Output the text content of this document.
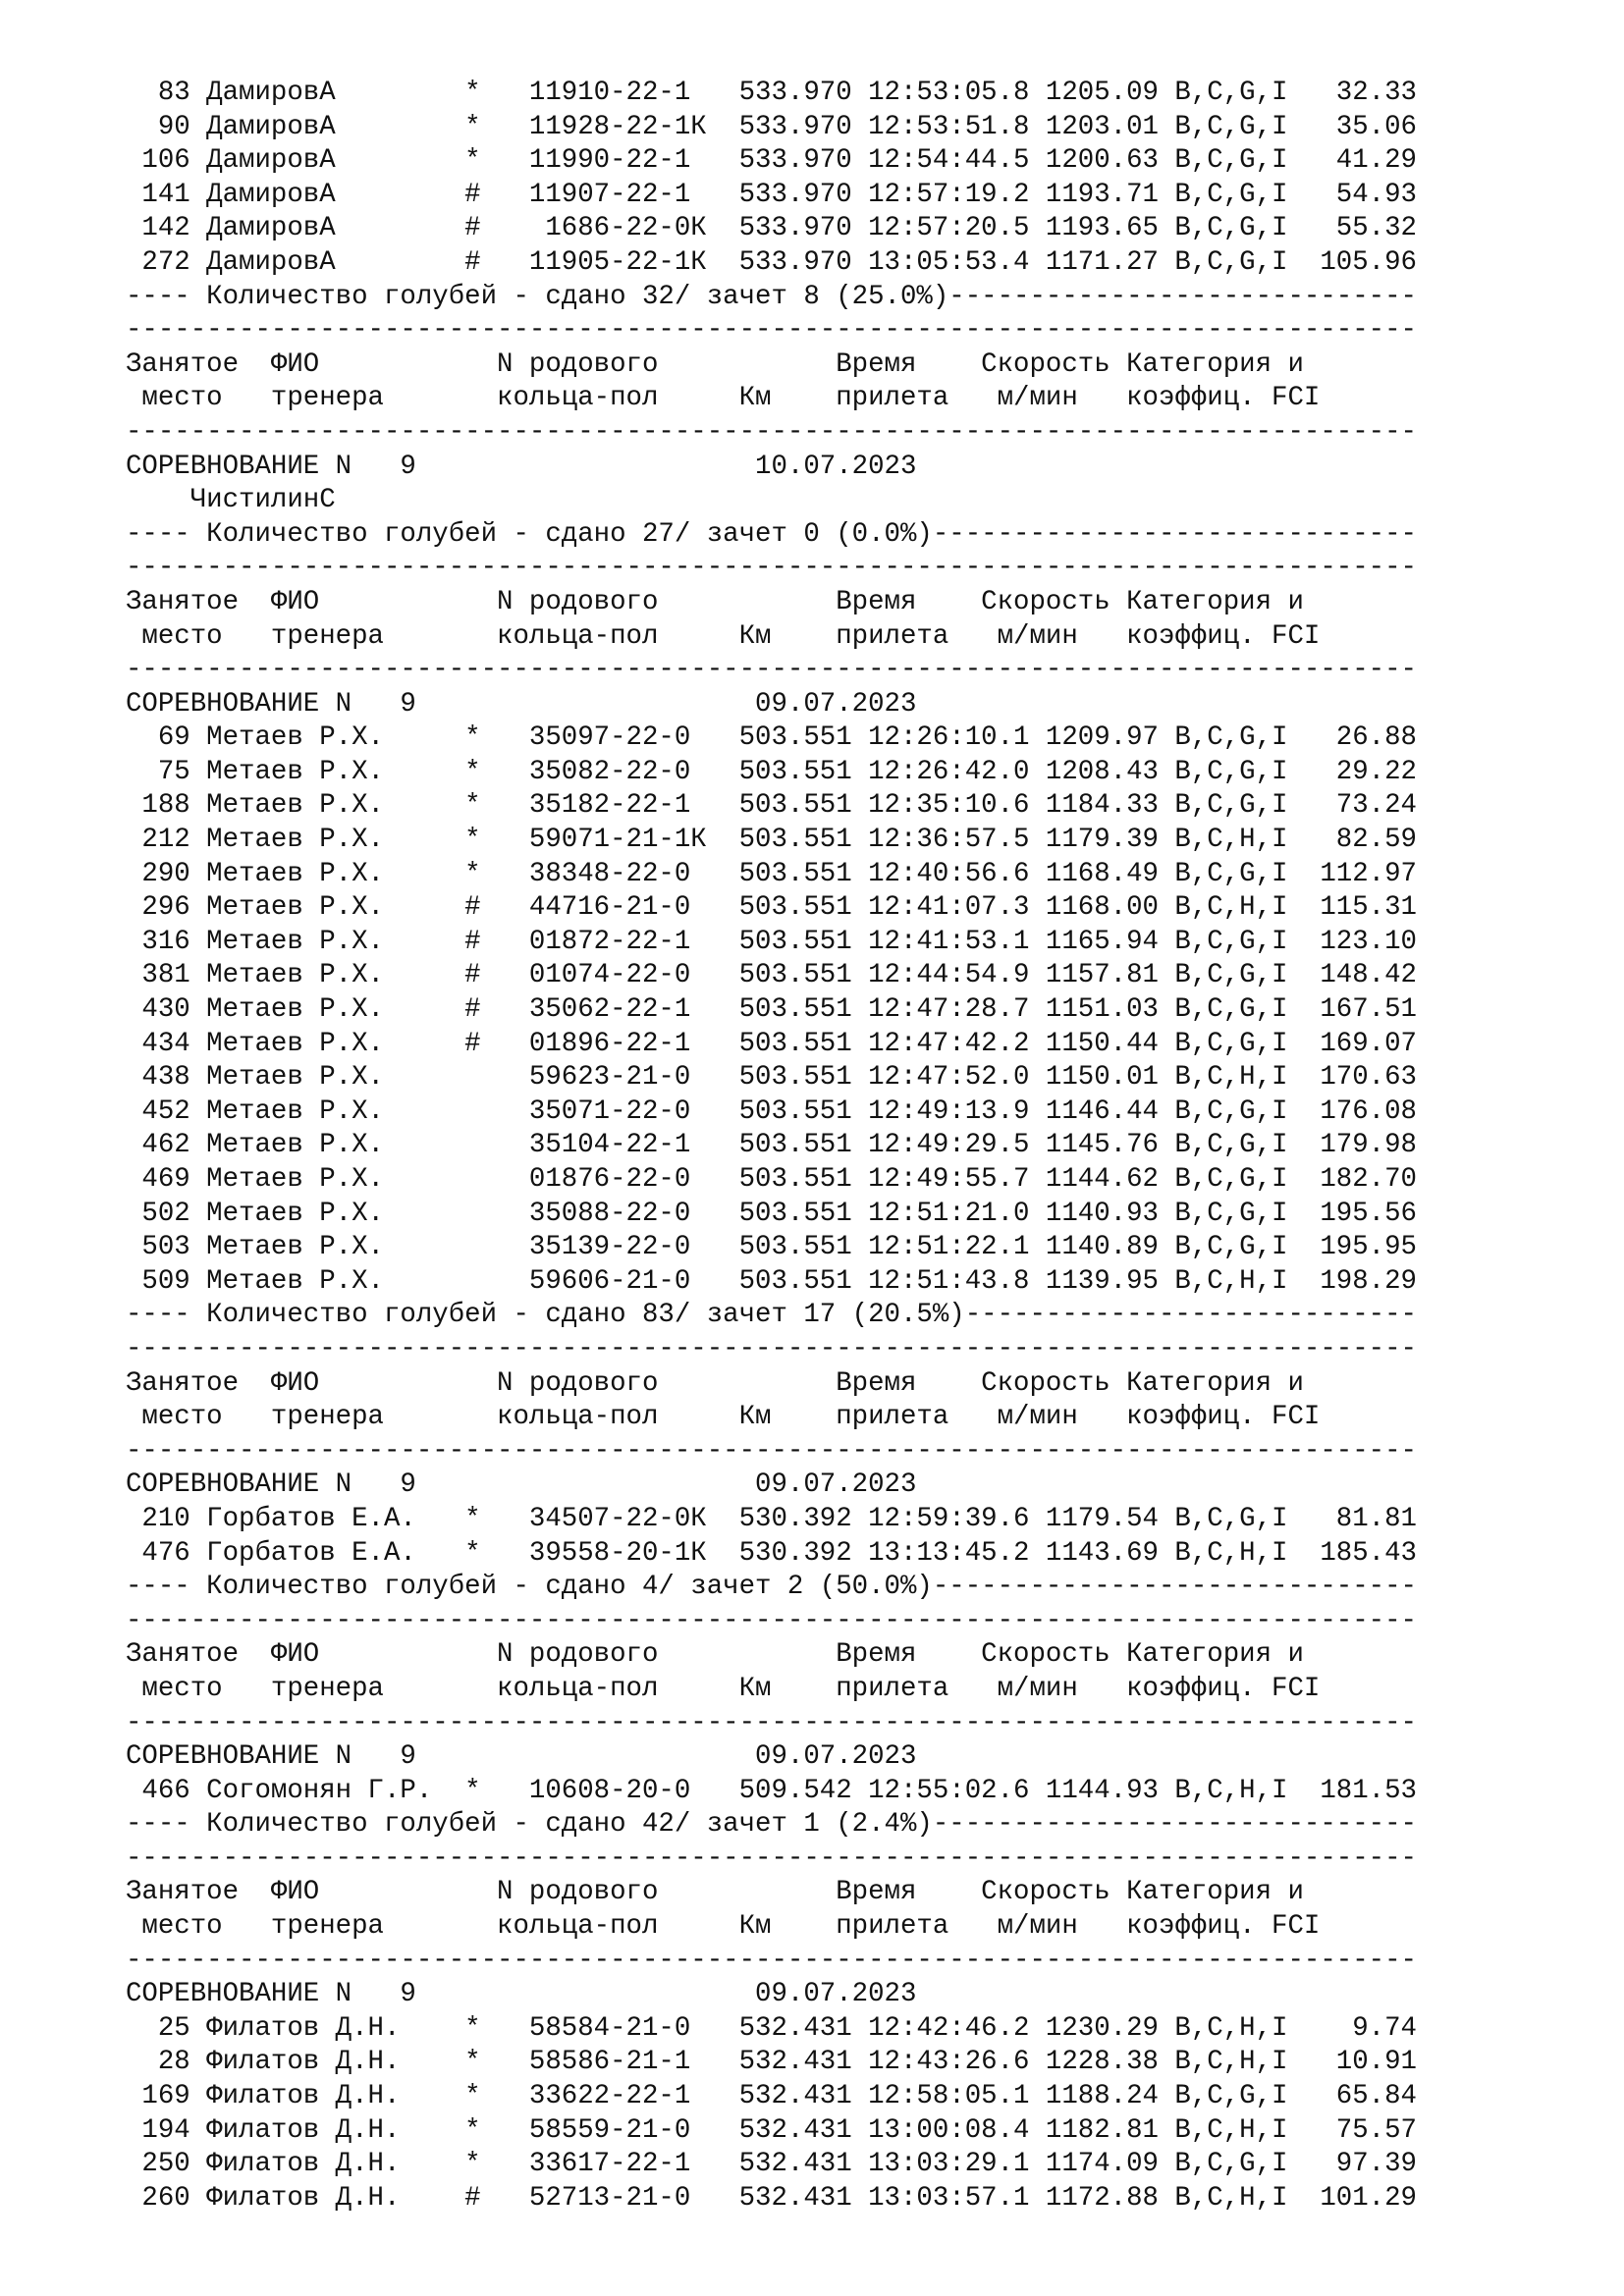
83 ДамировА        *   11910-22-1   533.970 12:53:05.8 1205.09 B,C,G,I   32.33
90 ДамировА        *   11928-22-1К  533.970 12:53:51.8 1203.01 B,C,G,I   35.06
106 ДамировА        *   11990-22-1   533.970 12:54:44.5 1200.63 B,C,G,I   41.29
141 ДамировА        #   11907-22-1   533.970 12:57:19.2 1193.71 B,C,G,I   54.93
142 ДамировА        #    1686-22-0К  533.970 12:57:20.5 1193.65 B,C,G,I   55.32
272 ДамировА        #   11905-22-1К  533.970 13:05:53.4 1171.27 B,C,G,I  105.96
---- Количество голубей - сдано 32/ зачет 8 (25.0%)-----------------------------
--------------------------------------------------------------------------------
Занятое  ФИО           N родового           Время    Скорость Категория и
место   тренера       кольца-пол     Км    прилета   м/мин   коэффиц. FCI
--------------------------------------------------------------------------------
СОРЕВНОВАНИЕ N   9                     10.07.2023
ЧистилинС
---- Количество голубей - сдано 27/ зачет 0 (0.0%)------------------------------
--------------------------------------------------------------------------------
Занятое  ФИО           N родового           Время    Скорость Категория и
место   тренера       кольца-пол     Км    прилета   м/мин   коэффиц. FCI
--------------------------------------------------------------------------------
СОРЕВНОВАНИЕ N   9                     09.07.2023
69 Метаев Р.Х.     *   35097-22-0   503.551 12:26:10.1 1209.97 B,C,G,I   26.88
75 Метаев Р.Х.     *   35082-22-0   503.551 12:26:42.0 1208.43 B,C,G,I   29.22
188 Метаев Р.Х.     *   35182-22-1   503.551 12:35:10.6 1184.33 B,C,G,I   73.24
212 Метаев Р.Х.     *   59071-21-1К  503.551 12:36:57.5 1179.39 B,C,H,I   82.59
290 Метаев Р.Х.     *   38348-22-0   503.551 12:40:56.6 1168.49 B,C,G,I  112.97
296 Метаев Р.Х.     #   44716-21-0   503.551 12:41:07.3 1168.00 B,C,H,I  115.31
316 Метаев Р.Х.     #   01872-22-1   503.551 12:41:53.1 1165.94 B,C,G,I  123.10
381 Метаев Р.Х.     #   01074-22-0   503.551 12:44:54.9 1157.81 B,C,G,I  148.42
430 Метаев Р.Х.     #   35062-22-1   503.551 12:47:28.7 1151.03 B,C,G,I  167.51
434 Метаев Р.Х.     #   01896-22-1   503.551 12:47:42.2 1150.44 B,C,G,I  169.07
438 Метаев Р.Х.         59623-21-0   503.551 12:47:52.0 1150.01 B,C,H,I  170.63
452 Метаев Р.Х.         35071-22-0   503.551 12:49:13.9 1146.44 B,C,G,I  176.08
462 Метаев Р.Х.         35104-22-1   503.551 12:49:29.5 1145.76 B,C,G,I  179.98
469 Метаев Р.Х.         01876-22-0   503.551 12:49:55.7 1144.62 B,C,G,I  182.70
502 Метаев Р.Х.         35088-22-0   503.551 12:51:21.0 1140.93 B,C,G,I  195.56
503 Метаев Р.Х.         35139-22-0   503.551 12:51:22.1 1140.89 B,C,G,I  195.95
509 Метаев Р.Х.         59606-21-0   503.551 12:51:43.8 1139.95 B,C,H,I  198.29
---- Количество голубей - сдано 83/ зачет 17 (20.5%)----------------------------
--------------------------------------------------------------------------------
Занятое  ФИО           N родового           Время    Скорость Категория и
место   тренера       кольца-пол     Км    прилета   м/мин   коэффиц. FCI
--------------------------------------------------------------------------------
СОРЕВНОВАНИЕ N   9                     09.07.2023
210 Горбатов Е.А.   *   34507-22-0К  530.392 12:59:39.6 1179.54 B,C,G,I   81.81
476 Горбатов Е.А.   *   39558-20-1К  530.392 13:13:45.2 1143.69 B,C,H,I  185.43
---- Количество голубей - сдано 4/ зачет 2 (50.0%)------------------------------
--------------------------------------------------------------------------------
Занятое  ФИО           N родового           Время    Скорость Категория и
место   тренера       кольца-пол     Км    прилета   м/мин   коэффиц. FCI
--------------------------------------------------------------------------------
СОРЕВНОВАНИЕ N   9                     09.07.2023
466 Согомонян Г.Р.  *   10608-20-0   509.542 12:55:02.6 1144.93 B,C,H,I  181.53
---- Количество голубей - сдано 42/ зачет 1 (2.4%)------------------------------
--------------------------------------------------------------------------------
Занятое  ФИО           N родового           Время    Скорость Категория и
место   тренера       кольца-пол     Км    прилета   м/мин   коэффиц. FCI
--------------------------------------------------------------------------------
СОРЕВНОВАНИЕ N   9                     09.07.2023
25 Филатов Д.Н.    *   58584-21-0   532.431 12:42:46.2 1230.29 B,C,H,I    9.74
28 Филатов Д.Н.    *   58586-21-1   532.431 12:43:26.6 1228.38 B,C,H,I   10.91
169 Филатов Д.Н.    *   33622-22-1   532.431 12:58:05.1 1188.24 B,C,G,I   65.84
194 Филатов Д.Н.    *   58559-21-0   532.431 13:00:08.4 1182.81 B,C,H,I   75.57
250 Филатов Д.Н.    *   33617-22-1   532.431 13:03:29.1 1174.09 B,C,G,I   97.39
260 Филатов Д.Н.    #   52713-21-0   532.431 13:03:57.1 1172.88 B,C,H,I  101.29
